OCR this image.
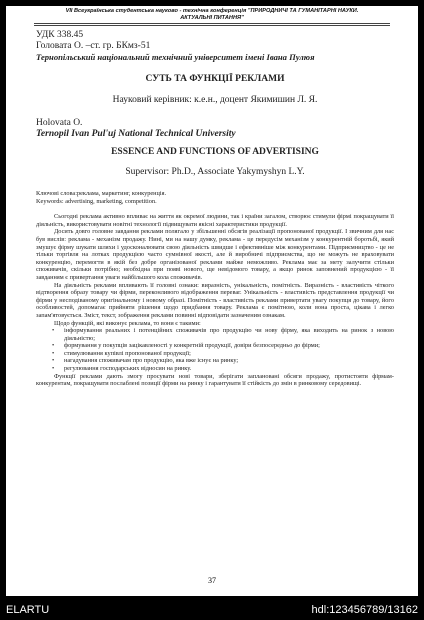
VII Всеукраїнська студентська науково - технічна конференція "ПРИРОДНИЧІ ТА ГУМАНІТАРНІ НАУКИ.
АКТУАЛЬНІ ПИТАННЯ"
УДК 338.45
Головата О. –ст. гр. БКмз-51
Тернопільський національний технічний університет імені Івана Пулюя
СУТЬ ТА ФУНКЦІЇ РЕКЛАМИ
Науковий керівник: к.е.н., доцент Якимишин Л. Я.
Holovata O.
Ternopil Ivan Pul'uj National Technical University
ESSENCE AND FUNCTIONS OF ADVERTISING
Supervisor: Ph.D., Associate Yakymyshyn L.Y.
Ключові слова:реклама, маркетинг, конкуренція.
Keywords: advertising, marketing, competition.

Сьогодні реклама активно впливає на життя як окремої людини, так і країни загалом, створює стимули фірмі покращувати її діяльність, використовувати новітні технології підвищувати якісні характеристики продукції.

Досить довго головне завдання реклами полягало у збільшенні обсягів реалізації пропонованої продукції. І звичним для нас був вислів: реклама - механізм продажу. Нині, ми на нашу думку, реклама - це передусім механізм у конкурентній боротьбі, який змушує фірму шукати шляхи і удосконалювати свою діяльність швидше і ефективніше між конкурентами. Підприємництво - це не тільки торгівля на лотках продукцією часто сумнівної якості, але й виробничі підприємства, що не можуть не враховувати конкуренцію, перемогти в якій без добре організованої реклами майже неможливо. Реклама має за мету залучити стільки споживачів, скільки потрібно; необхідна при появі нового, ще невідомого товару, а якщо ринок заповнений продукцією - її завданням є привертання уваги найбільшого кола споживачів.

На діяльність реклами впливають її головні ознаки: виразність, унікальність, помітність. Виразність - властивість чіткого відтворення образу товару чи фірми, переконливого відображення переваг. Унікальність - властивість представлення продукції чи фірми у несподіваному оригінальному і новому образі. Помітність - властивість реклами привертати увагу покупця до товару, його особливостей, допомагає прийняти рішення щодо придбання товару. Реклама є помітною, коли вона проста, цікава і легко запам'ятовується. Зміст, текст, зображення реклами повинні відповідати зазначеним ознакам.

Щодо функцій, які виконує реклама, то вони є такими:

• інформування реальних і потенційних споживачів про продукцію чи нову фірму, яка виходить на ринок з новою діяльністю;
• формування у покупців зацікавленості у конкретній продукції, довіри безпосередньо до фірми;
• стимулювання купівлі пропонованої продукції;
• нагадування споживачам про продукцію, яка вже існує на ринку;
• регулювання господарських відносин на ринку.

Функції реклами дають змогу просувати нові товари, зберігати заплановані обсяги продажу, протистояти фірмам-конкурентам, покращувати послаблені позиції фірми на ринку і гарантувати її стійкість до змін в ринковому середовищі.

37
ELARTU	hdl:123456789/13162
